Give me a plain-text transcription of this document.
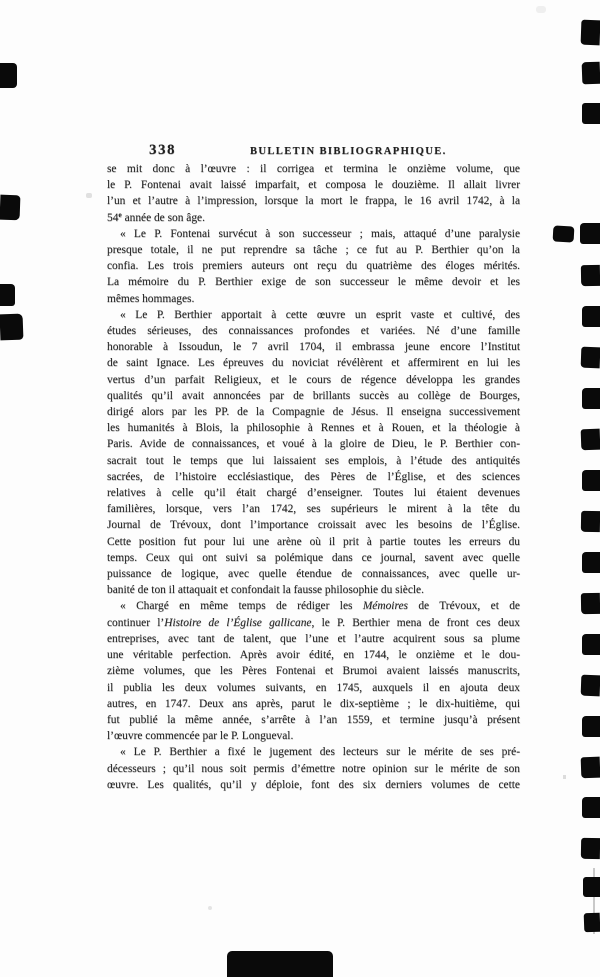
338	BULLETIN BIBLIOGRAPHIQUE.

se mit donc à l’œuvre : il corrigea et termina le onzième volume, que
le P. Fontenai avait laissé imparfait, et composa le douzième. Il allait livrer
l’un et l’autre à l’impression, lorsque la mort le frappa, le 16 avril 1742, à la
54e année de son âge.

« Le P. Fontenai survécut à son successeur ; mais, attaqué d’une paralysie
presque totale, il ne put reprendre sa tâche ; ce fut au P. Berthier qu’on la
confia. Les trois premiers auteurs ont reçu du quatrième des éloges mérités.
La mémoire du P. Berthier exige de son successeur le même devoir et les
mêmes hommages.

« Le P. Berthier apportait à cette œuvre un esprit vaste et cultivé, des
études sérieuses, des connaissances profondes et variées. Né d’une famille
honorable à Issoudun, le 7 avril 1704, il embrassa jeune encore l’Institut
de saint Ignace. Les épreuves du noviciat révélèrent et affermirent en lui les
vertus d’un parfait Religieux, et le cours de régence développa les grandes
qualités qu’il avait annoncées par de brillants succès au collège de Bourges,
dirigé alors par les PP. de la Compagnie de Jésus. Il enseigna successivement
les humanités à Blois, la philosophie à Rennes et à Rouen, et la théologie à
Paris. Avide de connaissances, et voué à la gloire de Dieu, le P. Berthier con-
sacrait tout le temps que lui laissaient ses emplois, à l’étude des antiquités
sacrées, de l’histoire ecclésiastique, des Pères de l’Église, et des sciences
relatives à celle qu’il était chargé d’enseigner. Toutes lui étaient devenues
familières, lorsque, vers l’an 1742, ses supérieurs le mirent à la tête du
Journal de Trévoux, dont l’importance croissait avec les besoins de l’Église.
Cette position fut pour lui une arène où il prit à partie toutes les erreurs du
temps. Ceux qui ont suivi sa polémique dans ce journal, savent avec quelle
puissance de logique, avec quelle étendue de connaissances, avec quelle ur-
banité de ton il attaquait et confondait la fausse philosophie du siècle.

« Chargé en même temps de rédiger les Mémoires de Trévoux, et de
continuer l’Histoire de l’Église gallicane, le P. Berthier mena de front ces deux
entreprises, avec tant de talent, que l’une et l’autre acquirent sous sa plume
une véritable perfection. Après avoir édité, en 1744, le onzième et le dou-
zième volumes, que les Pères Fontenai et Brumoi avaient laissés manuscrits,
il publia les deux volumes suivants, en 1745, auxquels il en ajouta deux
autres, en 1747. Deux ans après, parut le dix-septième ; le dix-huitième, qui
fut publié la même année, s’arrête à l’an 1559, et termine jusqu’à présent
l’œuvre commencée par le P. Longueval.

« Le P. Berthier a fixé le jugement des lecteurs sur le mérite de ses pré-
décesseurs ; qu’il nous soit permis d’émettre notre opinion sur le mérite de son
œuvre. Les qualités, qu’il y déploie, font des six derniers volumes de cette
